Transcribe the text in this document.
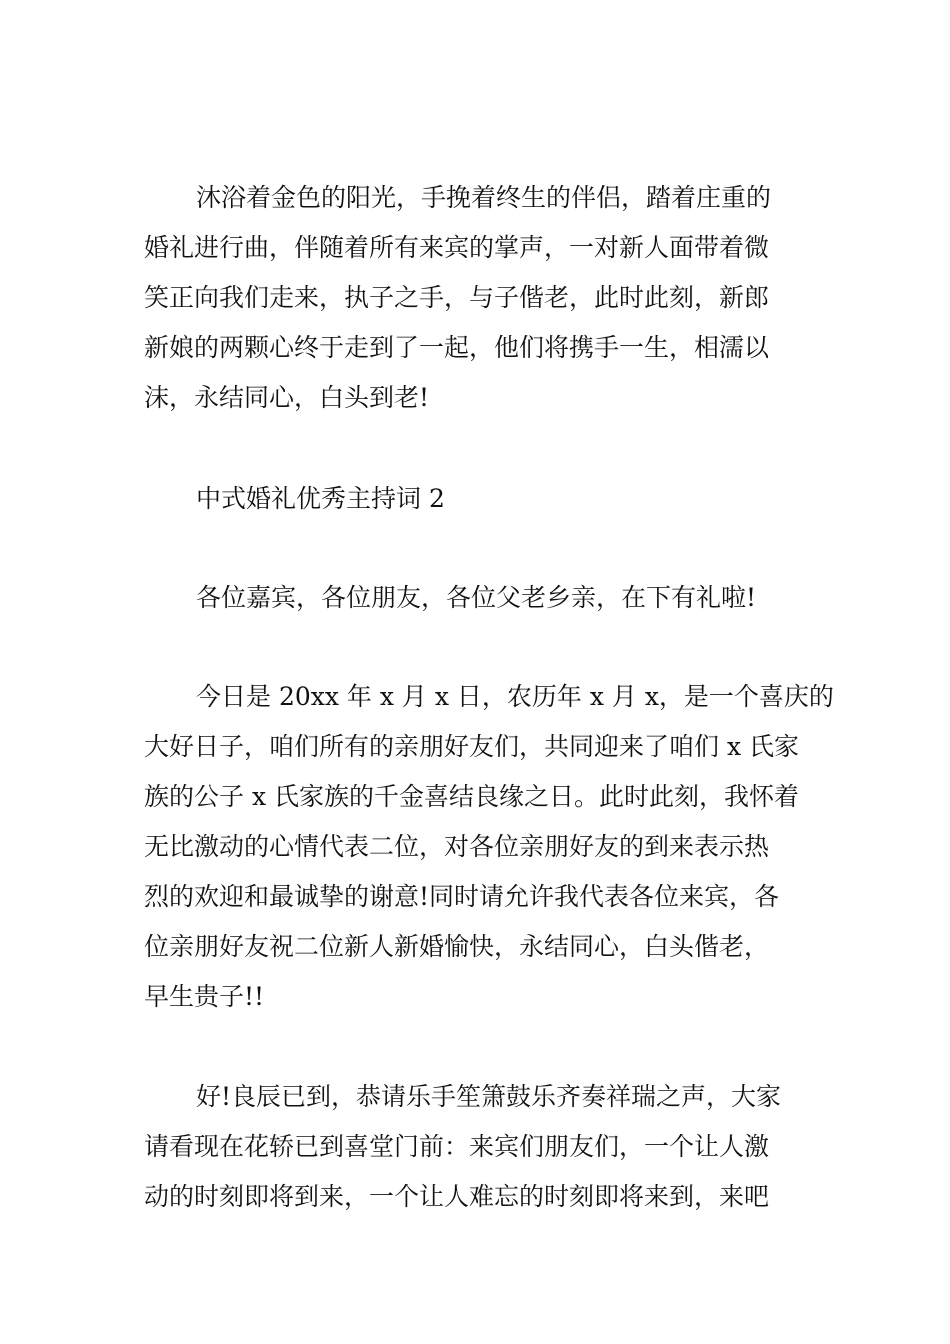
沐浴着金色的阳光，手挽着终生的伴侣，踏着庄重的
婚礼进行曲，伴随着所有来宾的掌声，一对新人面带着微
笑正向我们走来，执子之手，与子偕老，此时此刻，新郎
新娘的两颗心终于走到了一起，他们将携手一生，相濡以
沫，永结同心，白头到老!
中式婚礼优秀主持词 2
各位嘉宾，各位朋友，各位父老乡亲，在下有礼啦!
今日是 20xx 年 x 月 x 日，农历年 x 月 x，是一个喜庆的
大好日子，咱们所有的亲朋好友们，共同迎来了咱们 x 氏家
族的公子 x 氏家族的千金喜结良缘之日。此时此刻，我怀着
无比激动的心情代表二位，对各位亲朋好友的到来表示热
烈的欢迎和最诚挚的谢意!同时请允许我代表各位来宾，各
位亲朋好友祝二位新人新婚愉快，永结同心，白头偕老，
早生贵子!!
好!良辰已到，恭请乐手笙箫鼓乐齐奏祥瑞之声，大家
请看现在花轿已到喜堂门前：来宾们朋友们，一个让人激
动的时刻即将到来，一个让人难忘的时刻即将来到，来吧
